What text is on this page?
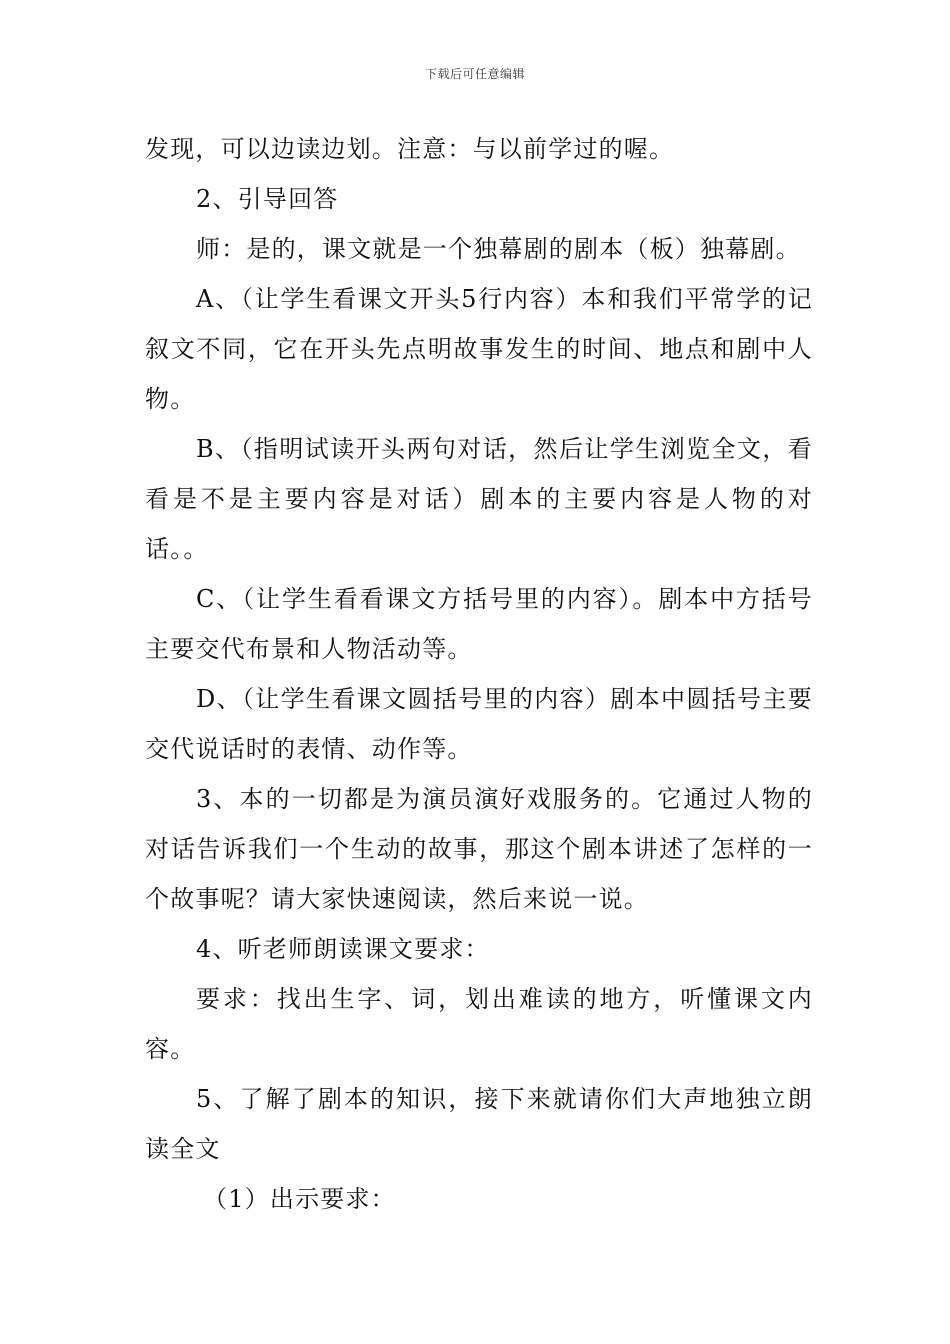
下载后可任意编辑

发现，可以边读边划。注意：与以前学过的喔。

2、引导回答

师：是的，课文就是一个独幕剧的剧本（板）独幕剧。

A、（让学生看课文开头5行内容）本和我们平常学的记叙文不同，它在开头先点明故事发生的时间、地点和剧中人物。

B、（指明试读开头两句对话，然后让学生浏览全文，看看是不是主要内容是对话）剧本的主要内容是人物的对话。。

C、（让学生看看课文方括号里的内容）。剧本中方括号主要交代布景和人物活动等。

D、（让学生看课文圆括号里的内容）剧本中圆括号主要交代说话时的表情、动作等。

3、本的一切都是为演员演好戏服务的。它通过人物的对话告诉我们一个生动的故事，那这个剧本讲述了怎样的一个故事呢？请大家快速阅读，然后来说一说。

4、听老师朗读课文要求：

要求：找出生字、词，划出难读的地方，听懂课文内容。

5、了解了剧本的知识，接下来就请你们大声地独立朗读全文

（1）出示要求：
